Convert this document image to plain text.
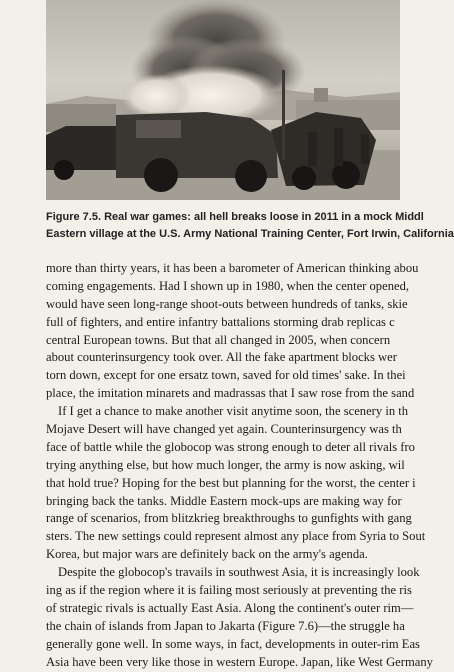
Figure 7.5. Real war games: all hell breaks loose in 2011 in a mock Middl
Eastern village at the U.S. Army National Training Center, Fort Irwin, California
more than thirty years, it has been a barometer of American thinking abou
coming engagements. Had I shown up in 1980, when the center opened,
would have seen long-range shoot-outs between hundreds of tanks, skie
full of fighters, and entire infantry battalions storming drab replicas c
central European towns. But that all changed in 2005, when concern
about counterinsurgency took over. All the fake apartment blocks wer
torn down, except for one ersatz town, saved for old times' sake. In thei
place, the imitation minarets and madrassas that I saw rose from the sand
If I get a chance to make another visit anytime soon, the scenery in th
Mojave Desert will have changed yet again. Counterinsurgency was th
face of battle while the globocop was strong enough to deter all rivals fro
trying anything else, but how much longer, the army is now asking, wil
that hold true? Hoping for the best but planning for the worst, the center i
bringing back the tanks. Middle Eastern mock-ups are making way for
range of scenarios, from blitzkrieg breakthroughs to gunfights with gang
sters. The new settings could represent almost any place from Syria to Sout
Korea, but major wars are definitely back on the army's agenda.
Despite the globocop's travails in southwest Asia, it is increasingly look
ing as if the region where it is failing most seriously at preventing the ris
of strategic rivals is actually East Asia. Along the continent's outer rim—
the chain of islands from Japan to Jakarta (Figure 7.6)—the struggle ha
generally gone well. In some ways, in fact, developments in outer-rim Eas
Asia have been very like those in western Europe. Japan, like West Germany
